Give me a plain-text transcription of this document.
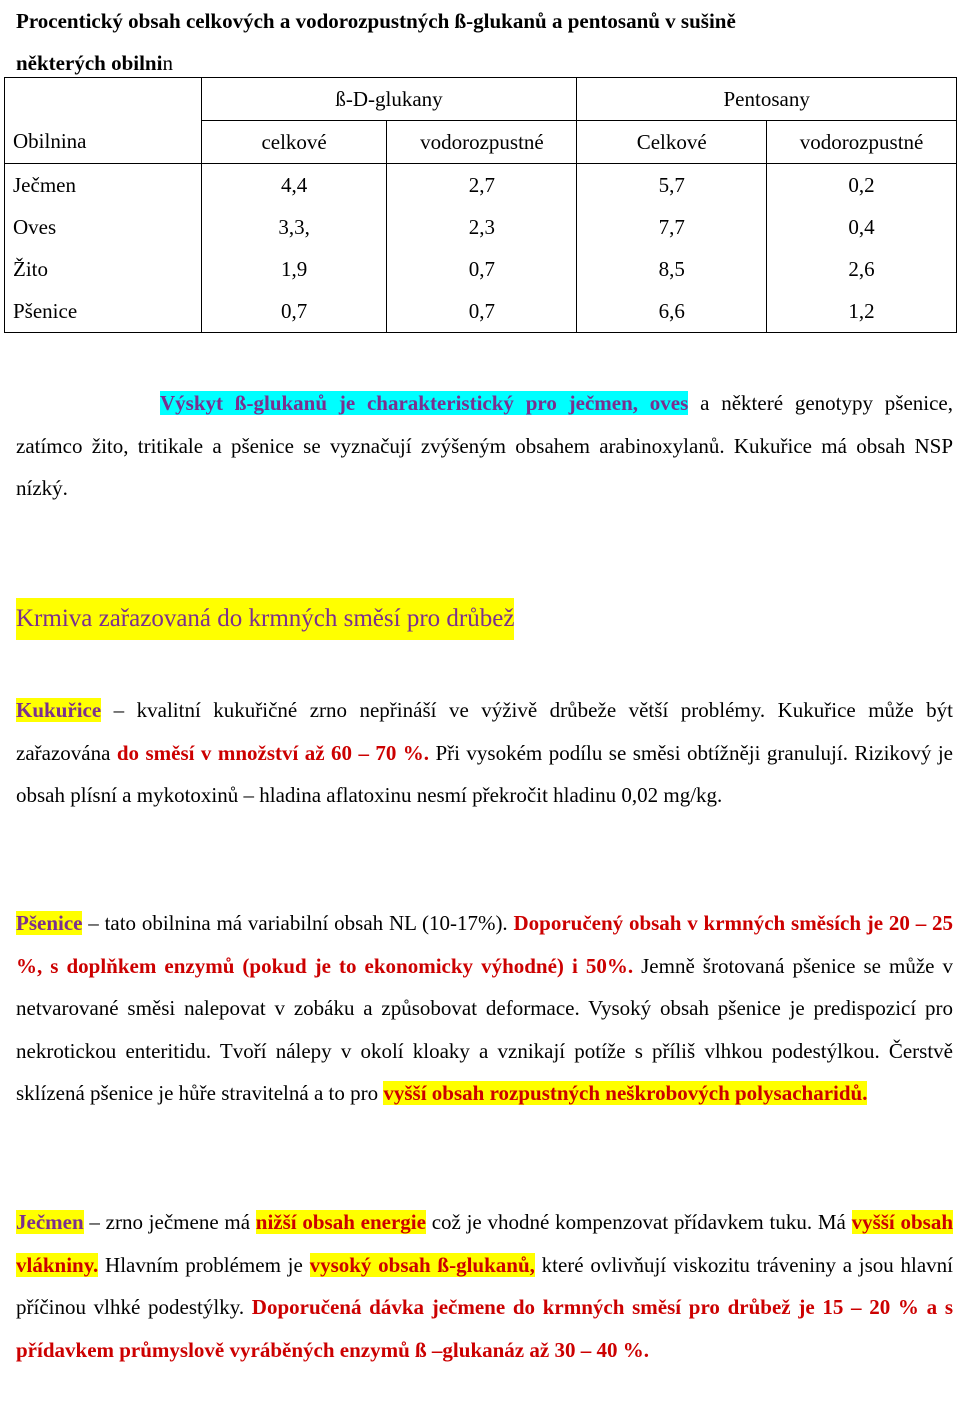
Procentický obsah celkových a vodorozpustných ß-glukanů a pentosanů v sušině
některých obilnin
	ß-D-glukany		Pentosany	
Obilnina	celkové	vodorozpustné	Celkové	vodorozpustné
Ječmen	4,4	2,7	5,7	0,2
Oves	3,3,	2,3	7,7	0,4
Žito	1,9	0,7	8,5	2,6
Pšenice	0,7	0,7	6,6	1,2
Výskyt ß-glukanů je charakteristický pro ječmen, oves a některé genotypy pšenice, zatímco žito, tritikale a pšenice se vyznačují zvýšeným obsahem arabinoxylanů. Kukuřice má obsah NSP nízký.
Krmiva zařazovaná do krmných směsí pro drůbež
Kukuřice – kvalitní kukuřičné zrno nepřináší ve výživě drůbeže větší problémy. Kukuřice může být zařazována do směsí v množství až 60 – 70 %. Při vysokém podílu se směsi obtížněji granulují. Rizikový je obsah plísní a mykotoxinů – hladina aflatoxinu nesmí překročit hladinu 0,02 mg/kg.
Pšenice – tato obilnina má variabilní obsah NL (10-17%). Doporučený obsah v krmných směsích je 20 – 25 %, s doplňkem enzymů (pokud je to ekonomicky výhodné) i 50%. Jemně šrotovaná pšenice se může v netvarované směsi nalepovat v zobáku a způsobovat deformace. Vysoký obsah pšenice je predispozicí pro nekrotickou enteritidu. Tvoří nálepy v okolí kloaky a vznikají potíže s příliš vlhkou podestýlkou. Čerstvě sklízená pšenice je hůře stravitelná a to pro vyšší obsah rozpustných neškrobových polysacharidů.
Ječmen – zrno ječmene má nižší obsah energie což je vhodné kompenzovat přídavkem tuku. Má vyšší obsah vlákniny. Hlavním problémem je vysoký obsah ß-glukanů, které ovlivňují viskozitu tráveniny a jsou hlavní příčinou vlhké podestýlky. Doporučená dávka ječmene do krmných směsí pro drůbež je 15 – 20 % a s přídavkem průmyslově vyráběných enzymů ß –glukanáz až 30 – 40 %.
